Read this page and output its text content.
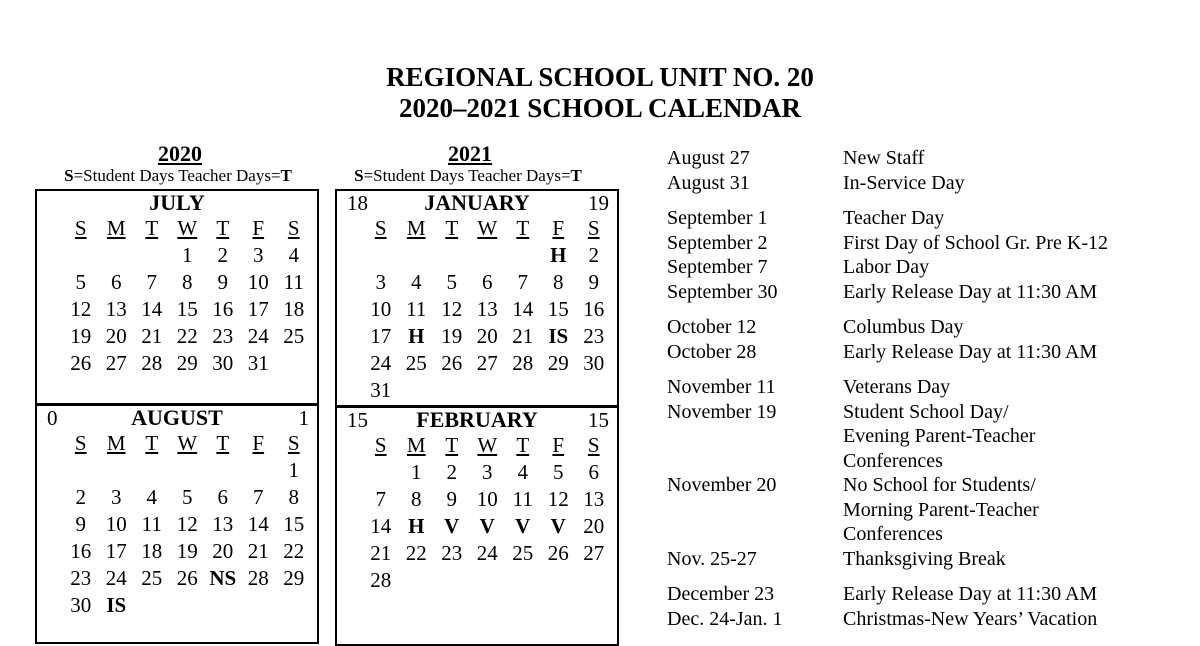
REGIONAL SCHOOL UNIT NO. 20
2020–2021 SCHOOL CALENDAR
2020
S=Student Days Teacher Days=T
2021
S=Student Days Teacher Days=T
JULY
S	M	T	W	T	F	S
			1	2	3	4
5	6	7	8	9	10	11
12	13	14	15	16	17	18
19	20	21	22	23	24	25
26	27	28	29	30	31	
JANUARY
18	19
S	M	T	W	T	F	S
					H	2
3	4	5	6	7	8	9
10	11	12	13	14	15	16
17	H	19	20	21	IS	23
24	25	26	27	28	29	30
31						
AUGUST
0	1
S	M	T	W	T	F	S
						1
2	3	4	5	6	7	8
9	10	11	12	13	14	15
16	17	18	19	20	21	22
23	24	25	26	NS	28	29
30	IS					
FEBRUARY
15	15
S	M	T	W	T	F	S
	1	2	3	4	5	6
7	8	9	10	11	12	13
14	H	V	V	V	V	20
21	22	23	24	25	26	27
28						
August 27	New Staff
August 31	In-Service Day
September 1	Teacher Day
September 2	First Day of School Gr. Pre K-12
September 7	Labor Day
September 30	Early Release Day at 11:30 AM
October 12	Columbus Day
October 28	Early Release Day at 11:30 AM
November 11	Veterans Day
November 19	Student School Day/
Evening Parent-Teacher
Conferences
November 20	No School for Students/
Morning Parent-Teacher
Conferences
Nov. 25-27	Thanksgiving Break
December 23	Early Release Day at 11:30 AM
Dec. 24-Jan. 1	Christmas-New Years’ Vacation
